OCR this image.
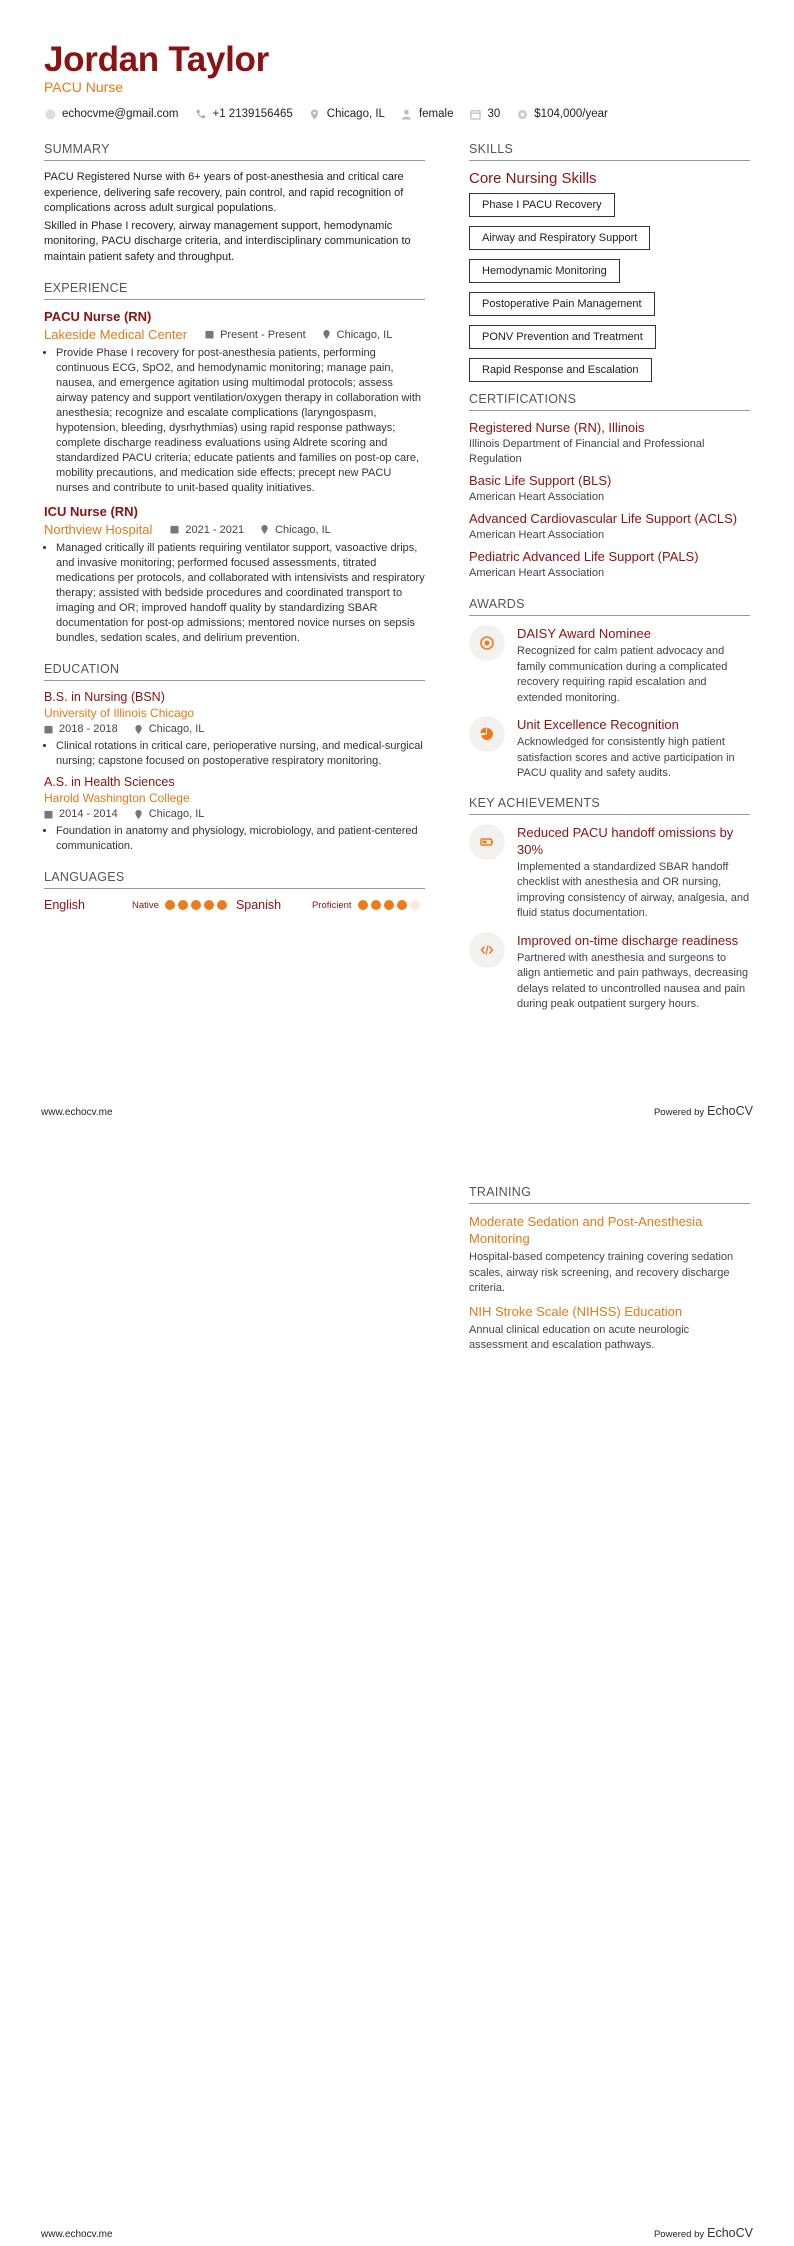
Jordan Taylor
PACU Nurse
echocvme@gmail.com	+1 2139156465	Chicago, IL	female	30	$104,000/year
SUMMARY

PACU Registered Nurse with 6+ years of post-anesthesia and critical care experience, delivering safe recovery, pain control, and rapid recognition of complications across adult surgical populations.

Skilled in Phase I recovery, airway management support, hemodynamic monitoring, PACU discharge criteria, and interdisciplinary communication to maintain patient safety and throughput.

EXPERIENCE
PACU Nurse (RN)
Lakeside Medical Center	Present - Present	Chicago, IL
• Provide Phase I recovery for post-anesthesia patients, performing continuous ECG, SpO2, and hemodynamic monitoring; manage pain, nausea, and emergence agitation using multimodal protocols; assess airway patency and support ventilation/oxygen therapy in collaboration with anesthesia; recognize and escalate complications (laryngospasm, hypotension, bleeding, dysrhythmias) using rapid response pathways; complete discharge readiness evaluations using Aldrete scoring and standardized PACU criteria; educate patients and families on post-op care, mobility precautions, and medication side effects; precept new PACU nurses and contribute to unit-based quality initiatives.
ICU Nurse (RN)
Northview Hospital	2021 - 2021	Chicago, IL
• Managed critically ill patients requiring ventilator support, vasoactive drips, and invasive monitoring; performed focused assessments, titrated medications per protocols, and collaborated with intensivists and respiratory therapy; assisted with bedside procedures and coordinated transport to imaging and OR; improved handoff quality by standardizing SBAR documentation for post-op admissions; mentored novice nurses on sepsis bundles, sedation scales, and delirium prevention.
EDUCATION
B.S. in Nursing (BSN)
University of Illinois Chicago
2018 - 2018	Chicago, IL
• Clinical rotations in critical care, perioperative nursing, and medical-surgical nursing; capstone focused on postoperative respiratory monitoring.
A.S. in Health Sciences
Harold Washington College
2014 - 2014	Chicago, IL
• Foundation in anatomy and physiology, microbiology, and patient-centered communication.
LANGUAGES
English	Native	Spanish	Proficient
SKILLS
Core Nursing Skills
Phase I PACU Recovery
Airway and Respiratory Support
Hemodynamic Monitoring
Postoperative Pain Management
PONV Prevention and Treatment
Rapid Response and Escalation
CERTIFICATIONS
Registered Nurse (RN), Illinois
Illinois Department of Financial and Professional Regulation
Basic Life Support (BLS)
American Heart Association
Advanced Cardiovascular Life Support (ACLS)
American Heart Association
Pediatric Advanced Life Support (PALS)
American Heart Association
AWARDS
DAISY Award Nominee
Recognized for calm patient advocacy and family communication during a complicated recovery requiring rapid escalation and extended monitoring.
Unit Excellence Recognition
Acknowledged for consistently high patient satisfaction scores and active participation in PACU quality and safety audits.
KEY ACHIEVEMENTS
Reduced PACU handoff omissions by 30%
Implemented a standardized SBAR handoff checklist with anesthesia and OR nursing, improving consistency of airway, analgesia, and fluid status documentation.
Improved on-time discharge readiness
Partnered with anesthesia and surgeons to align antiemetic and pain pathways, decreasing delays related to uncontrolled nausea and pain during peak outpatient surgery hours.
www.echocv.me	Powered by EchoCV
TRAINING
Moderate Sedation and Post-Anesthesia Monitoring
Hospital-based competency training covering sedation scales, airway risk screening, and recovery discharge criteria.
NIH Stroke Scale (NIHSS) Education
Annual clinical education on acute neurologic assessment and escalation pathways.
www.echocv.me	Powered by EchoCV
